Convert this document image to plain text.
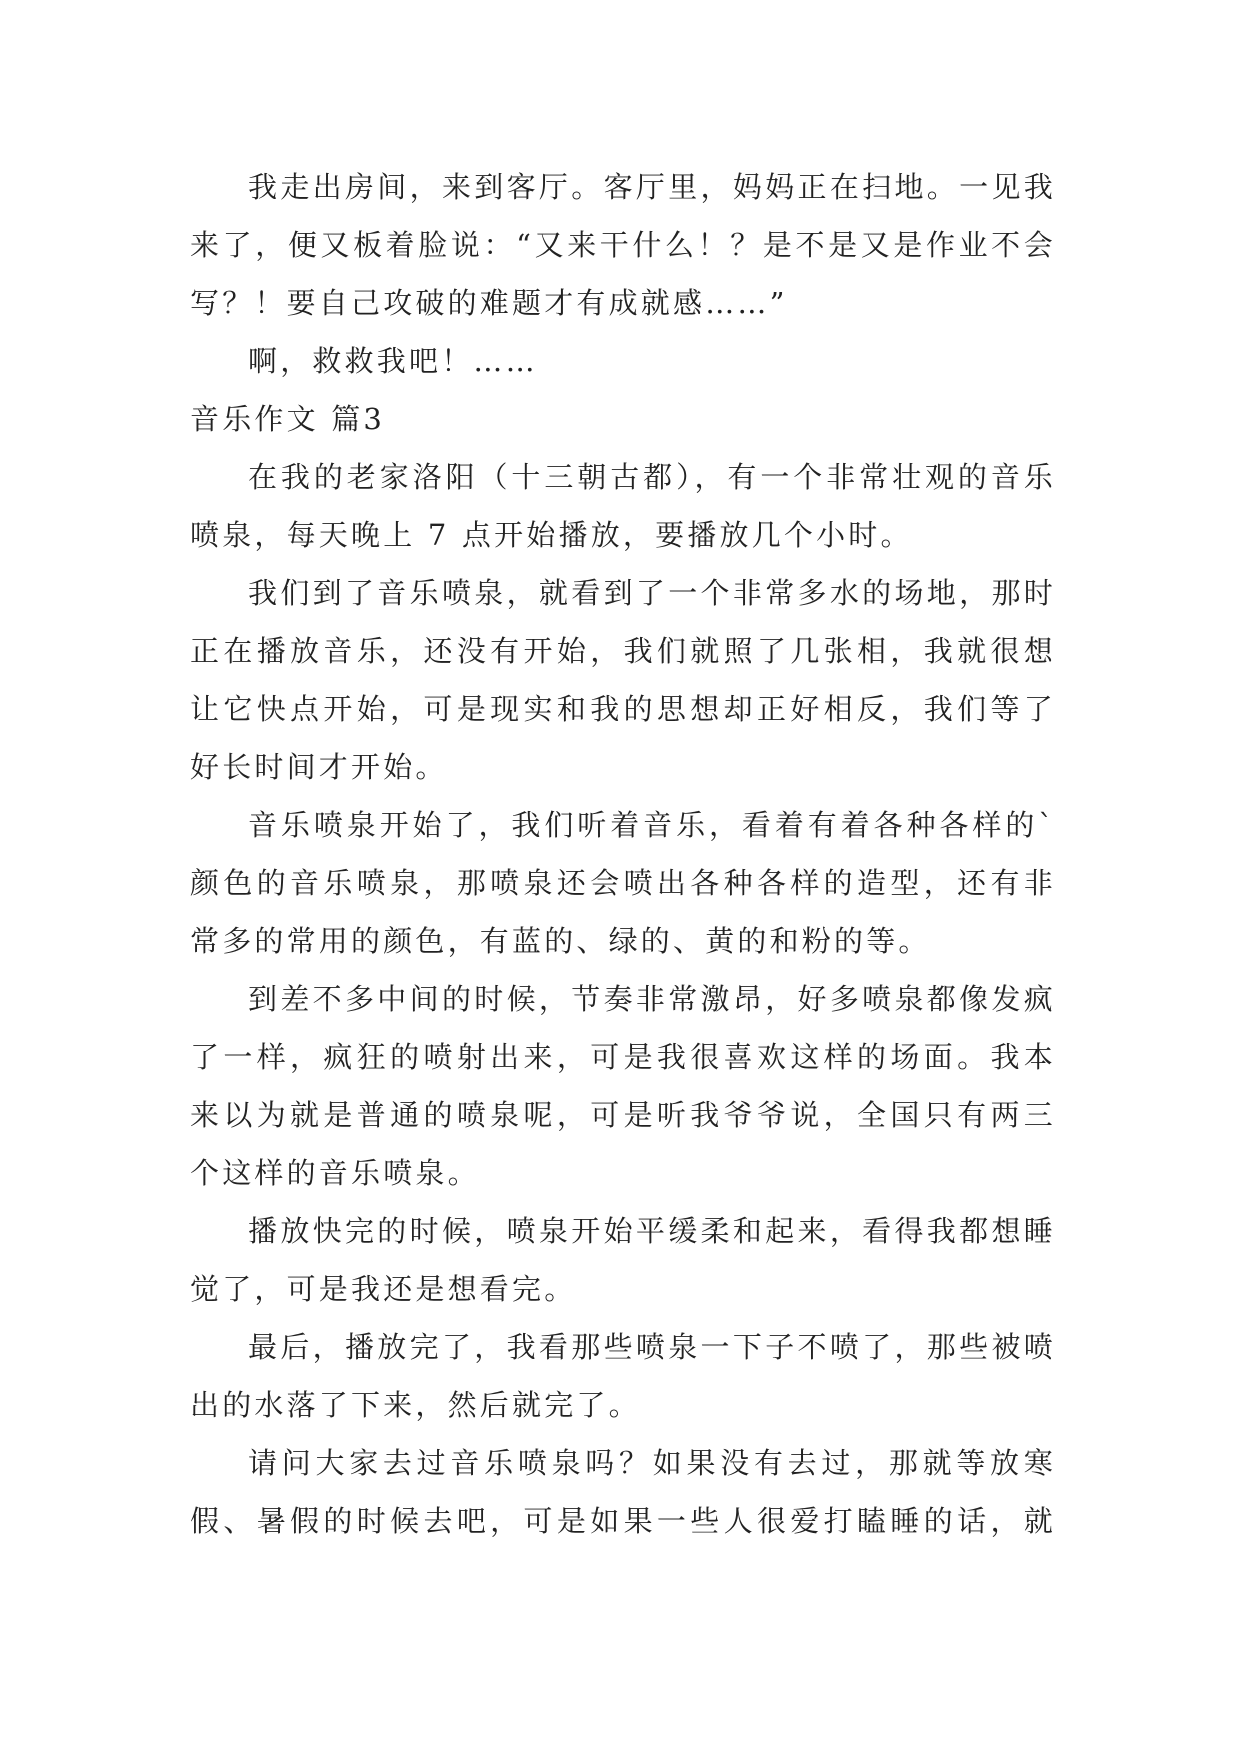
我走出房间，来到客厅。客厅里，妈妈正在扫地。一见我来了，便又板着脸说：“又来干什么！？是不是又是作业不会写？！要自己攻破的难题才有成就感……”

啊，救救我吧！……

音乐作文 篇3

在我的老家洛阳（十三朝古都），有一个非常壮观的音乐喷泉，每天晚上 7 点开始播放，要播放几个小时。

我们到了音乐喷泉，就看到了一个非常多水的场地，那时正在播放音乐，还没有开始，我们就照了几张相，我就很想让它快点开始，可是现实和我的思想却正好相反，我们等了好长时间才开始。

音乐喷泉开始了，我们听着音乐，看着有着各种各样的`颜色的音乐喷泉，那喷泉还会喷出各种各样的造型，还有非常多的常用的颜色，有蓝的、绿的、黄的和粉的等。

到差不多中间的时候，节奏非常激昂，好多喷泉都像发疯了一样，疯狂的喷射出来，可是我很喜欢这样的场面。我本来以为就是普通的喷泉呢，可是听我爷爷说，全国只有两三个这样的音乐喷泉。

播放快完的时候，喷泉开始平缓柔和起来，看得我都想睡觉了，可是我还是想看完。

最后，播放完了，我看那些喷泉一下子不喷了，那些被喷出的水落了下来，然后就完了。

请问大家去过音乐喷泉吗？如果没有去过，那就等放寒假、暑假的时候去吧，可是如果一些人很爱打瞌睡的话，就
